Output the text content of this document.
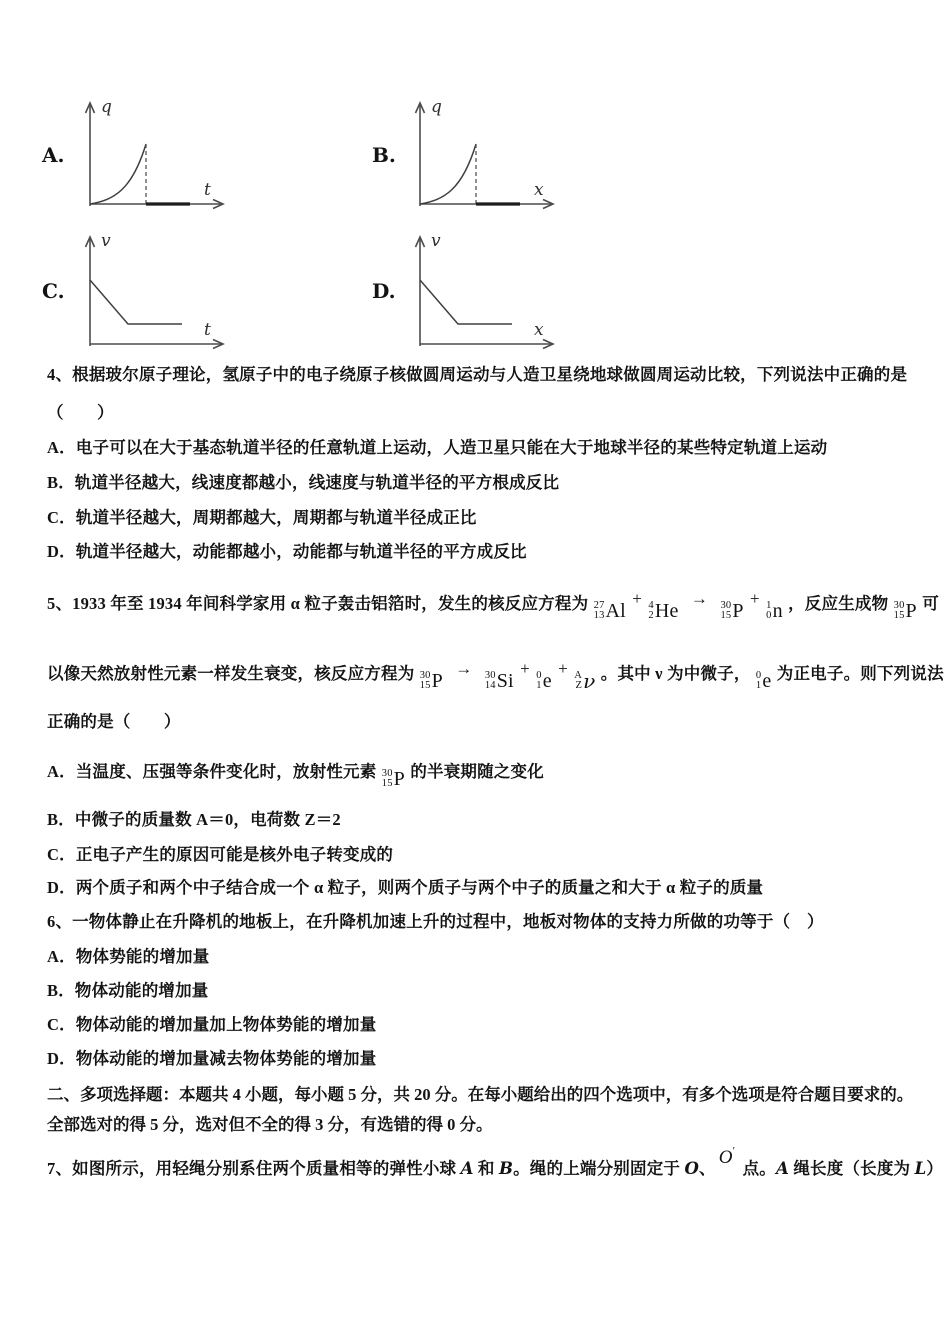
A.
q
t
B.
q
x
C.
v
t
D.
v
x
4、根据玻尔原子理论，氢原子中的电子绕原子核做圆周运动与人造卫星绕地球做圆周运动比较，下列说法中正确的是
（　　）
A．电子可以在大于基态轨道半径的任意轨道上运动，人造卫星只能在大于地球半径的某些特定轨道上运动
B．轨道半径越大，线速度都越小，线速度与轨道半径的平方根成反比
C．轨道半径越大，周期都越大，周期都与轨道半径成正比
D．轨道半径越大，动能都越小，动能都与轨道半径的平方成反比
5、1933 年至 1934 年间科学家用 α 粒子轰击铝箔时，发生的核反应方程为 27
13 Al
+ 4
2 He
→ 30
15 P
+ 1
0 n ，反应生成物 30
15 P 可
以像天然放射性元素一样发生衰变，核反应方程为 30
15 P
→ 30
14 Si
+ 0
1 e
+ A
Z ν 。其中 ν 为中微子， 0
1 e 为正电子。则下列说法
正确的是（　　）
A．当温度、压强等条件变化时，放射性元素 30
15 P 的半衰期随之变化
B．中微子的质量数 A＝0，电荷数 Z＝2
C．正电子产生的原因可能是核外电子转变成的
D．两个质子和两个中子结合成一个 α 粒子，则两个质子与两个中子的质量之和大于 α 粒子的质量
6、一物体静止在升降机的地板上，在升降机加速上升的过程中，地板对物体的支持力所做的功等于（　）
A．物体势能的增加量
B．物体动能的增加量
C．物体动能的增加量加上物体势能的增加量
D．物体动能的增加量减去物体势能的增加量
二、多项选择题：本题共 4 小题，每小题 5 分，共 20 分。在每小题给出的四个选项中，有多个选项是符合题目要求的。
全部选对的得 5 分，选对但不全的得 3 分，有选错的得 0 分。
7、如图所示，用轻绳分别系住两个质量相等的弹性小球 A 和 B。绳的上端分别固定于 O、O′ 点。A 绳长度（长度为 L）
